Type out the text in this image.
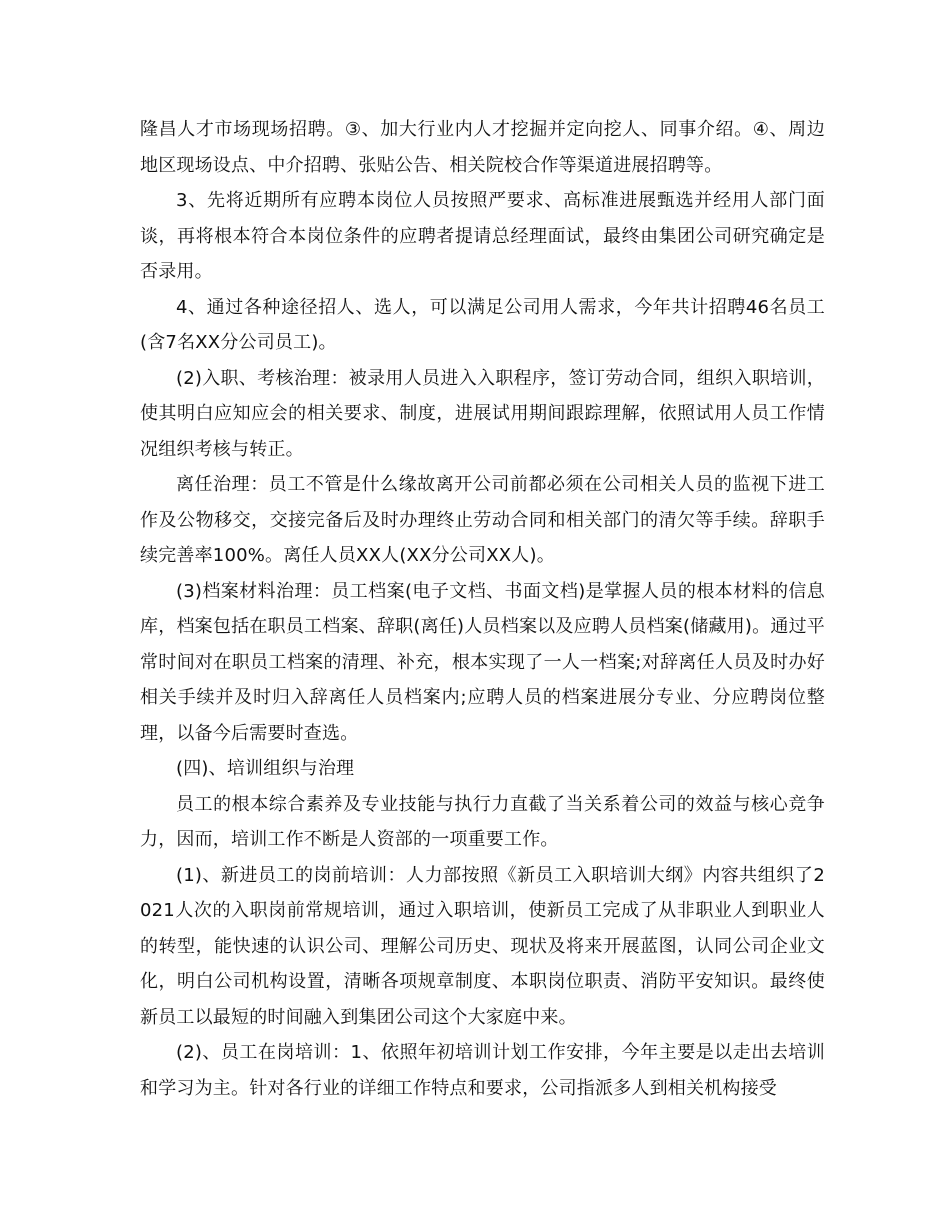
隆昌人才市场现场招聘。③、加大行业内人才挖掘并定向挖人、同事介绍。④、周边地区现场设点、中介招聘、张贴公告、相关院校合作等渠道进展招聘等。

3、先将近期所有应聘本岗位人员按照严要求、高标准进展甄选并经用人部门面谈，再将根本符合本岗位条件的应聘者提请总经理面试，最终由集团公司研究确定是否录用。

4、通过各种途径招人、选人，可以满足公司用人需求，今年共计招聘46名员工(含7名XX分公司员工)。

(2)入职、考核治理：被录用人员进入入职程序，签订劳动合同，组织入职培训，使其明白应知应会的相关要求、制度，进展试用期间跟踪理解，依照试用人员工作情况组织考核与转正。

离任治理：员工不管是什么缘故离开公司前都必须在公司相关人员的监视下进工作及公物移交，交接完备后及时办理终止劳动合同和相关部门的清欠等手续。辞职手续完善率100%。离任人员XX人(XX分公司XX人)。

(3)档案材料治理：员工档案(电子文档、书面文档)是掌握人员的根本材料的信息库，档案包括在职员工档案、辞职(离任)人员档案以及应聘人员档案(储藏用)。通过平常时间对在职员工档案的清理、补充，根本实现了一人一档案;对辞离任人员及时办好相关手续并及时归入辞离任人员档案内;应聘人员的档案进展分专业、分应聘岗位整理，以备今后需要时查选。

(四)、培训组织与治理

员工的根本综合素养及专业技能与执行力直截了当关系着公司的效益与核心竞争力，因而，培训工作不断是人资部的一项重要工作。

(1)、新进员工的岗前培训：人力部按照《新员工入职培训大纲》内容共组织了2021人次的入职岗前常规培训，通过入职培训，使新员工完成了从非职业人到职业人的转型，能快速的认识公司、理解公司历史、现状及将来开展蓝图，认同公司企业文化，明白公司机构设置，清晰各项规章制度、本职岗位职责、消防平安知识。最终使新员工以最短的时间融入到集团公司这个大家庭中来。

(2)、员工在岗培训：1、依照年初培训计划工作安排，今年主要是以走出去培训和学习为主。针对各行业的详细工作特点和要求，公司指派多人到相关机构接受
